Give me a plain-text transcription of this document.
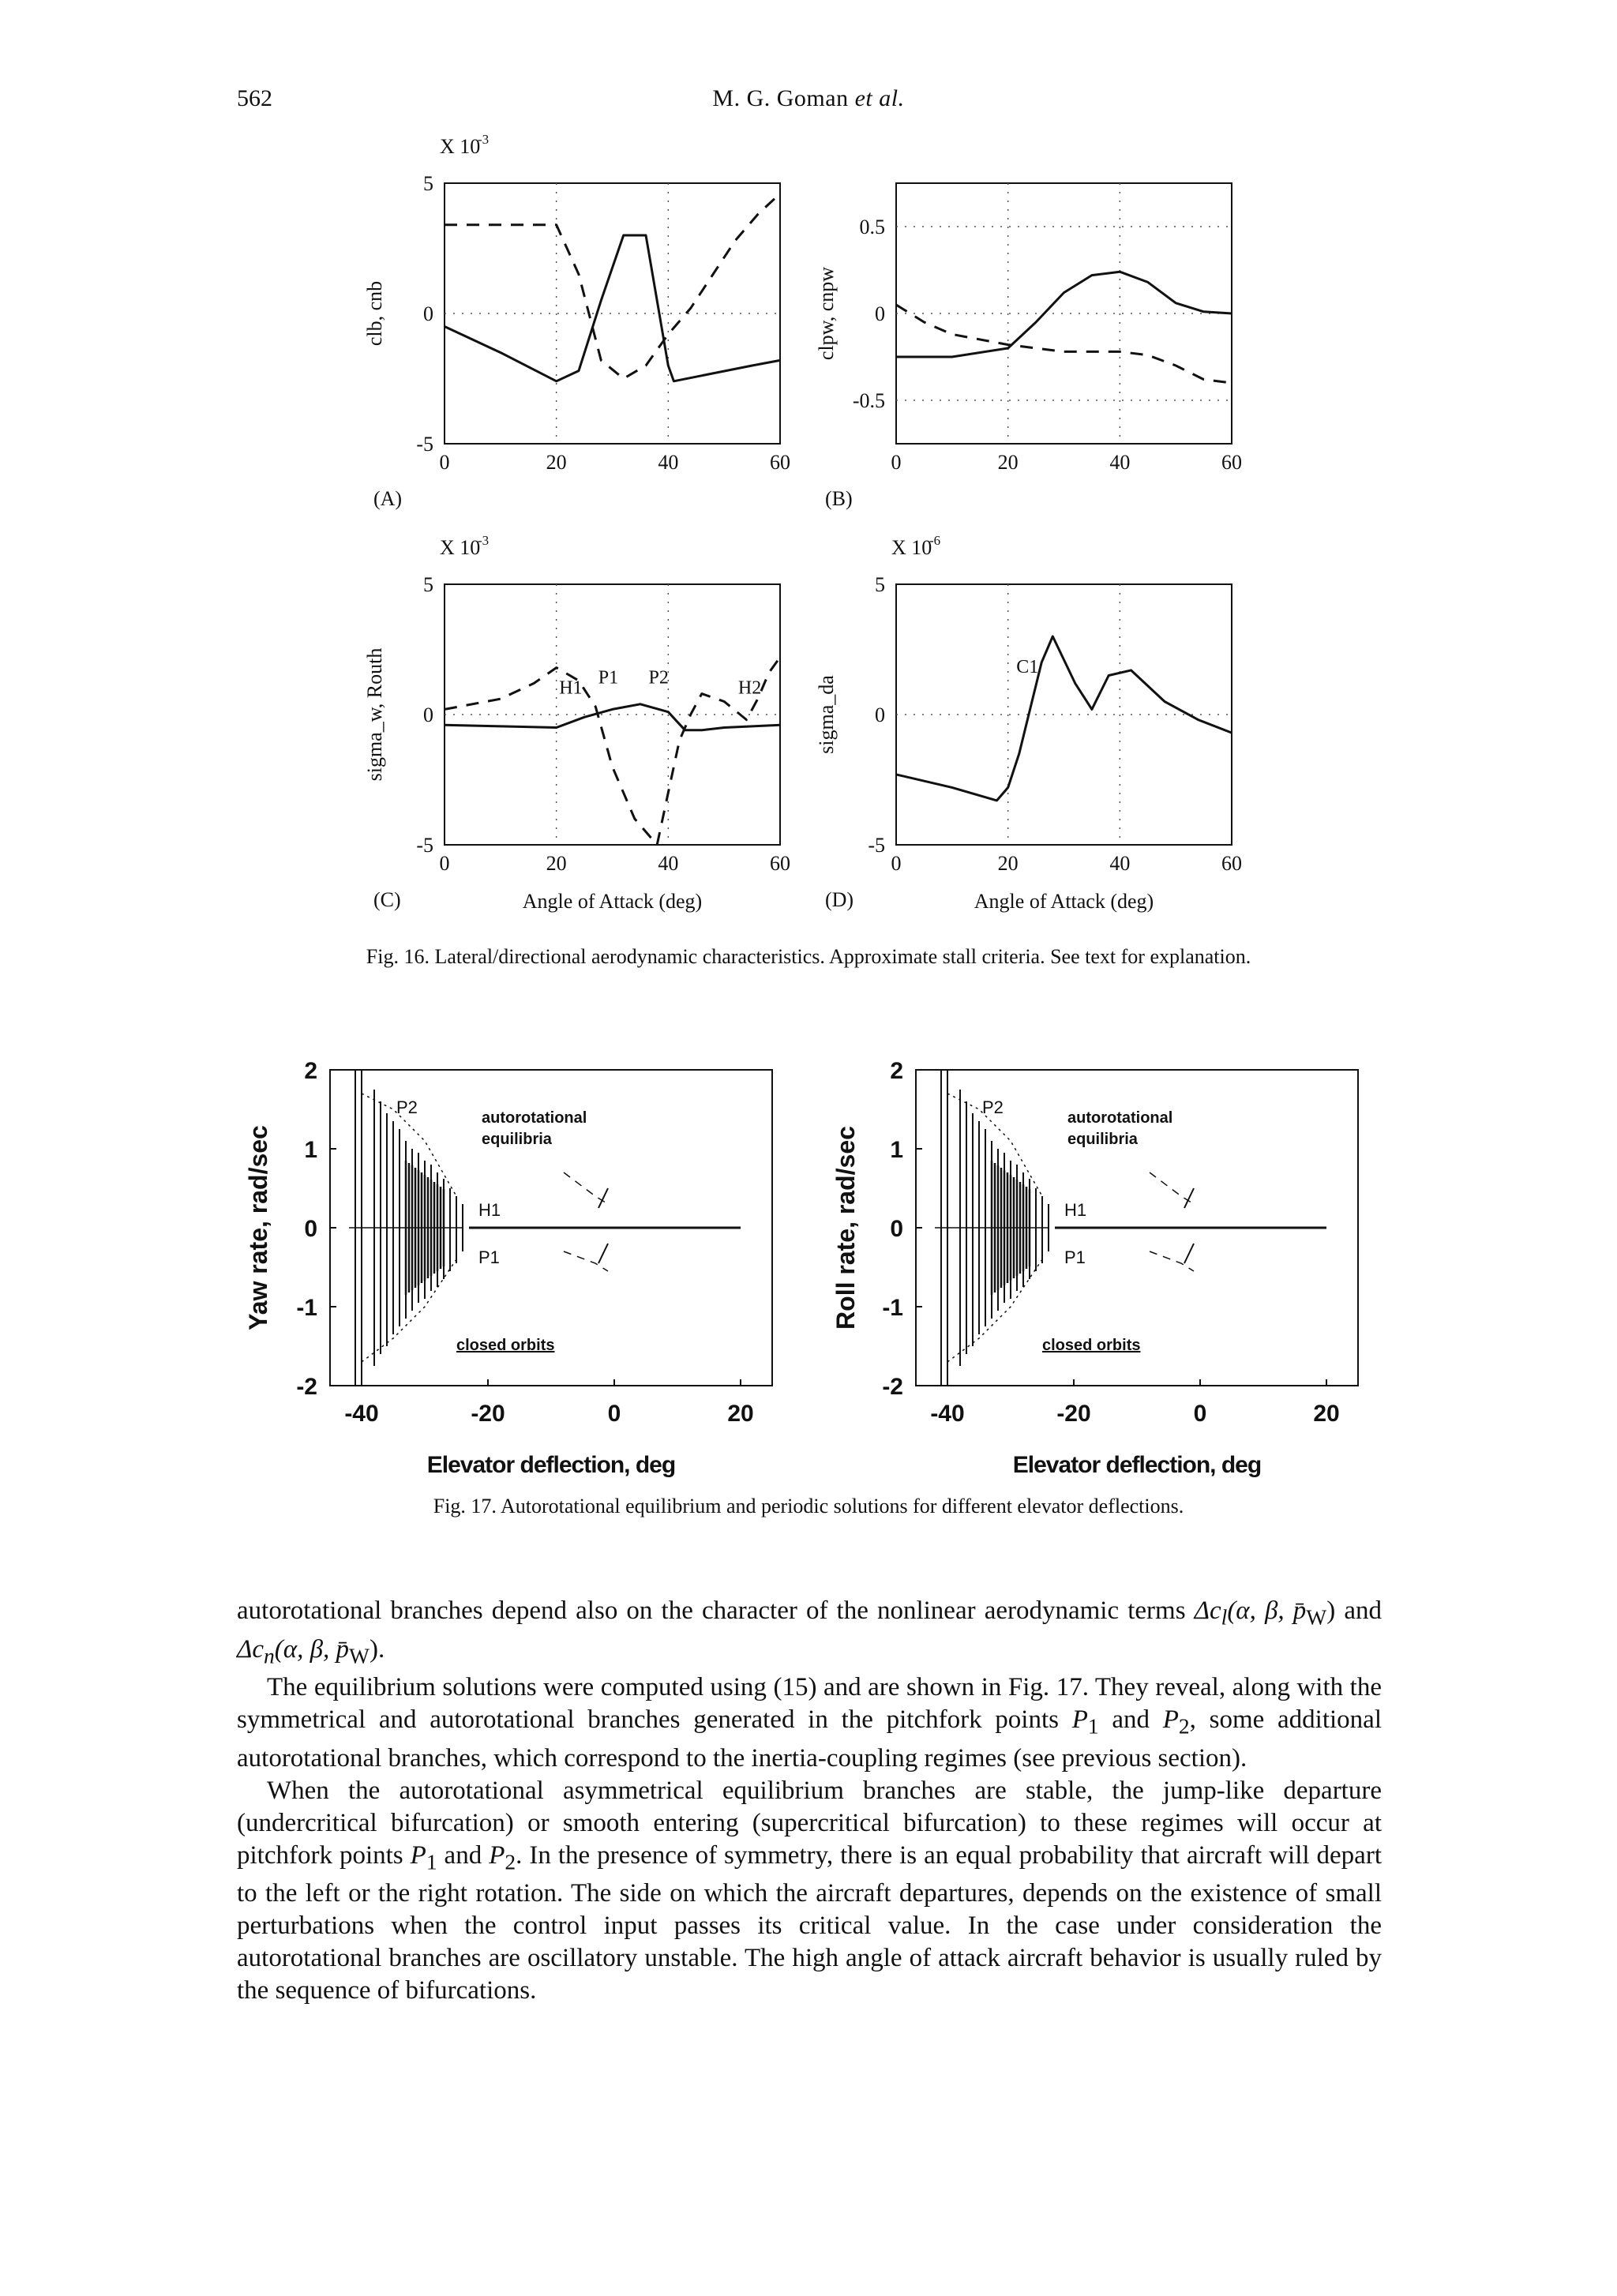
562	M. G. Goman et al.
0	20	40	60
5
0
-5
clb, cnb
X 10
-3
(A)
0	20	40	60
0.5
0
-0.5
clpw, cnpw
(B)
0	20	40	60
5
0
-5
sigma_w, Routh
X 10
-3
(C)	Angle of Attack (deg)
H1
P1 P2
H2
0	20	40	60
5
0
-5
sigma_da
X 10
-6
(D)	Angle of Attack (deg)
C1
Fig. 16. Lateral/directional aerodynamic characteristics. Approximate stall criteria. See text for explanation.
-40	-20	0	20
2
1
0
-1
-2
Yaw rate, rad/sec
Elevator deflection, deg
P2
autorotational
equilibria
H1
P1
closed orbits
-40	-20	0	20
2
1
0
-1
-2
Roll rate, rad/sec
Elevator deflection, deg
P2
autorotational
equilibria
H1
P1
closed orbits
Fig. 17. Autorotational equilibrium and periodic solutions for different elevator deflections.

autorotational branches depend also on the character of the nonlinear aerodynamic terms $\Delta c_l(\alpha$, β, $p̄_W$) and $\Delta c_n(\alpha$, β, $p̄_W$).

The equilibrium solutions were computed using (15) and are shown in Fig. 17. They reveal, along with the symmetrical and autorotational branches generated in the pitchfork points $P_1$ and $P_2$, some additional autorotational branches, which correspond to the inertia-coupling regimes (see previous section).

When the autorotational asymmetrical equilibrium branches are stable, the jump-like departure (undercritical bifurcation) or smooth entering (supercritical bifurcation) to these regimes will occur at pitchfork points $P_1$ and $P_2$. In the presence of symmetry, there is an equal probability that aircraft will depart to the left or the right rotation. The side on which the aircraft departures, depends on the existence of small perturbations when the control input passes its critical value. In the case under consideration the autorotational branches are oscillatory unstable. The high angle of attack aircraft behavior is usually ruled by the sequence of bifurcations.
